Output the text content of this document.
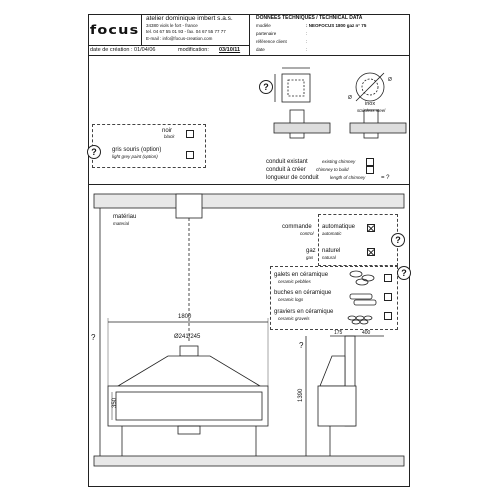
focus
atelier dominique imbert s.a.s.
34380 viols le fort - france
tel. 04 67 55 01 93 - fax. 04 67 55 77 77
E-mail : info@focus-creation.com
date de création : 01/04/06	modification: 03/10/11
DONNEES TECHNIQUES / TECHNICAL DATA
modèle	: NEOFOCUS 1800 gaz n° 75
partenaire	:
référence client	:
date	:
?
Ø
Ø
inox
stainless steel
conduit existant	existing chimney
conduit à créer chimney to build
longueur de conduit	length of chimney	= ?
?
noir
black
gris souris (option)
light grey paint (option)
matériau
material
?
commande automatique
automatic
control
gaz
gas
naturel
natural
?
galets en céramique
ceramic pebbles
buches en céramique
ceramic logs
graviers en céramique
ceramic gravels
1800
Ø241/245
350
1390
175	400
?
?
